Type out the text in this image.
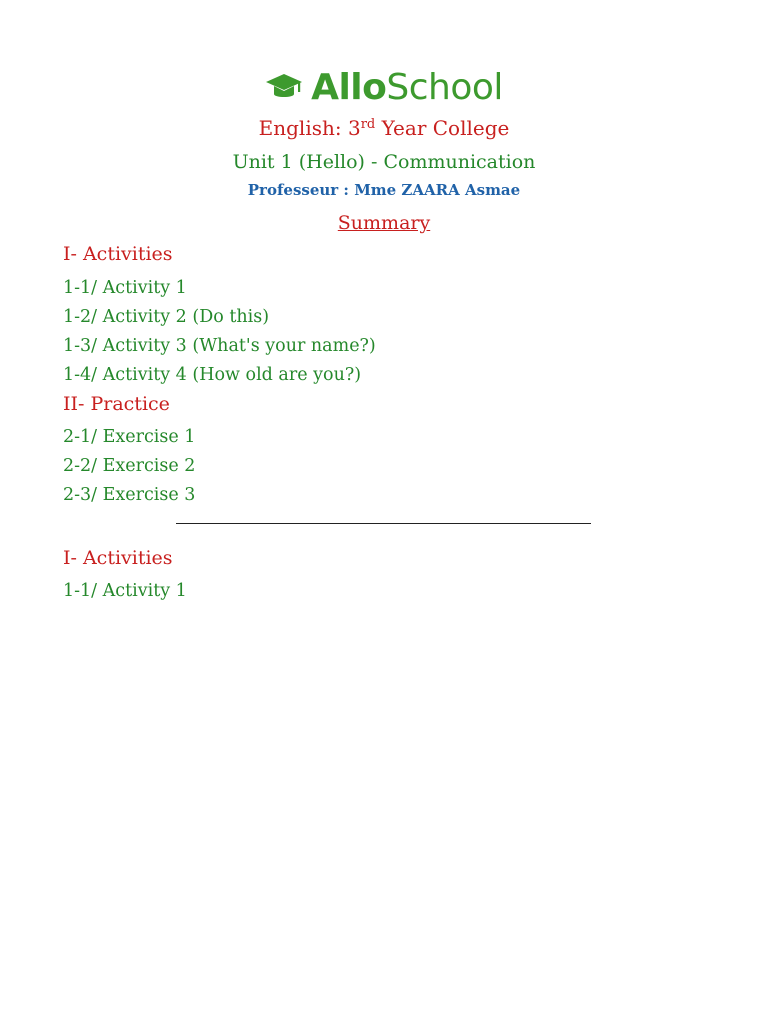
AlloSchool
English: 3rd Year College
Unit 1 (Hello) - Communication
Professeur : Mme ZAARA Asmae
Summary
I- Activities
1-1/ Activity 1
1-2/ Activity 2 (Do this)
1-3/ Activity 3 (What's your name?)
1-4/ Activity 4 (How old are you?)
II- Practice
2-1/ Exercise 1
2-2/ Exercise 2
2-3/ Exercise 3
I- Activities
1-1/ Activity 1
